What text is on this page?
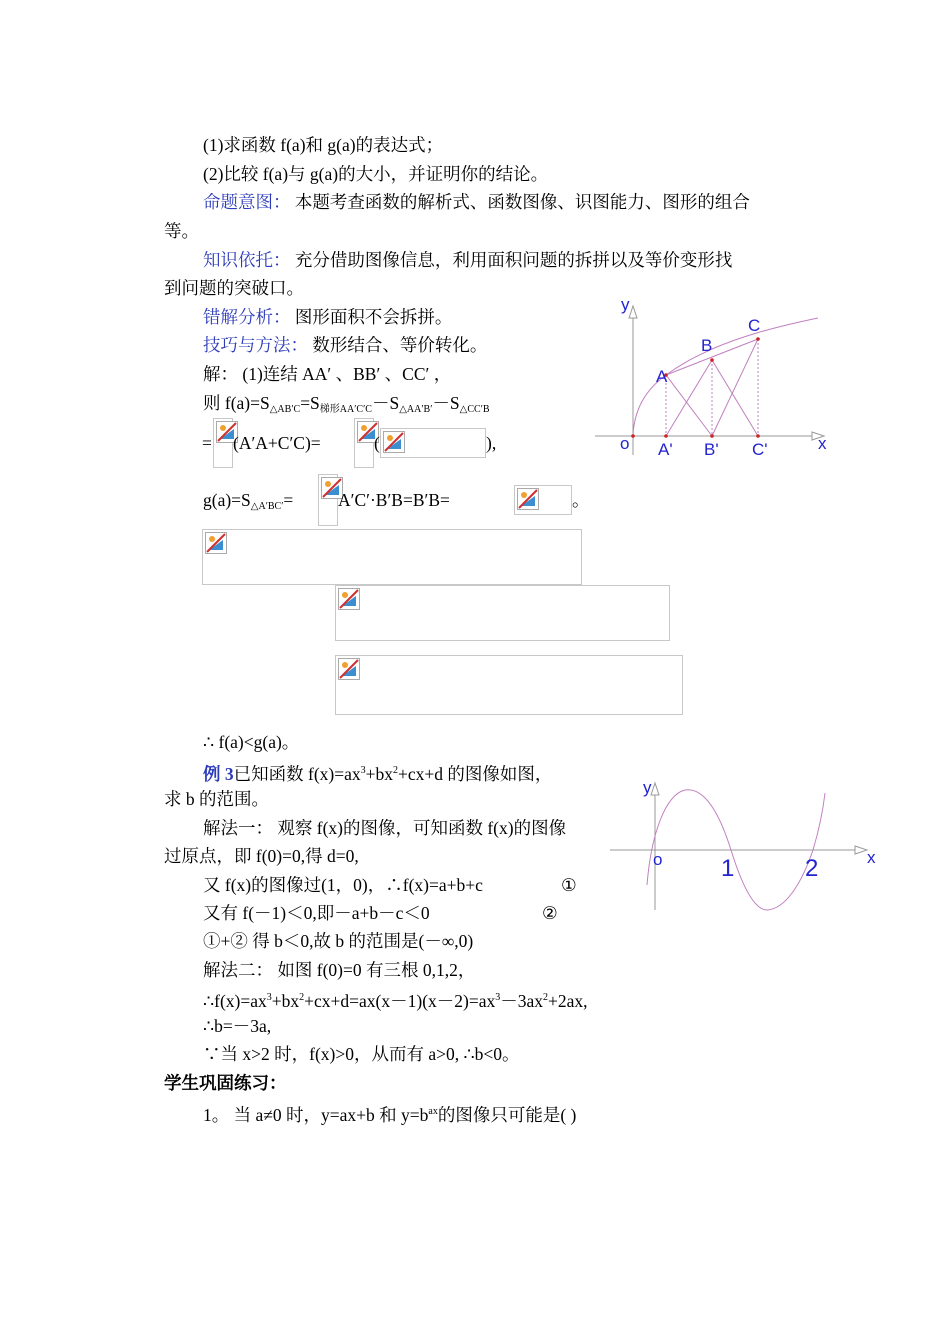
(1)求函数 f(a)和 g(a)的表达式；
(2)比较 f(a)与 g(a)的大小，并证明你的结论。
命题意图： 本题考查函数的解析式、函数图像、识图能力、图形的组合
等。
知识依托： 充分借助图像信息，利用面积问题的拆拼以及等价变形找
到问题的突破口。
错解分析： 图形面积不会拆拼。
技巧与方法： 数形结合、等价转化。
解： (1)连结 AA′ 、BB′ 、CC′ ，
则 $f(a)=S_{\triangle AB'C}=S_{梯形AA'C'C}-S_{\triangle AA'B'}-S_{\triangle CC'B}$
= (A′A+C′C)=	(	),
$g(a)=S_{\triangle A'BC'}=$	A′C′·B′B=B′B=	。
∴ f(a)<g(a)。
例 3已知函数 $f(x)=ax^3+bx^2+cx+d$ 的图像如图，
求 b 的范围。
解法一： 观察 f(x)的图像，可知函数 f(x)的图像
过原点，即 f(0)=0,得 d=0,
又 f(x)的图像过(1，0)，∴f(x)=a+b+c	①
又有 f(－1)＜0,即－a+b－c＜0	②
①+② 得 b＜0,故 b 的范围是(－∞,0)
解法二： 如图 f(0)=0 有三根 0,1,2，
$\therefore f(x)=ax^3+bx^2+cx+d=ax(x-1)(x-2)=ax^3-3ax^2+2ax$,
∴b=－3a,
∵当 x>2 时，f(x)>0，从而有 a>0, ∴b<0。
学生巩固练习：
1。 当 a≠0 时，y=ax+b 和 $y=b^{ax}$的图像只可能是( )
y
x
o
A
B
C
A' B' C'
y
x
o 1	2
